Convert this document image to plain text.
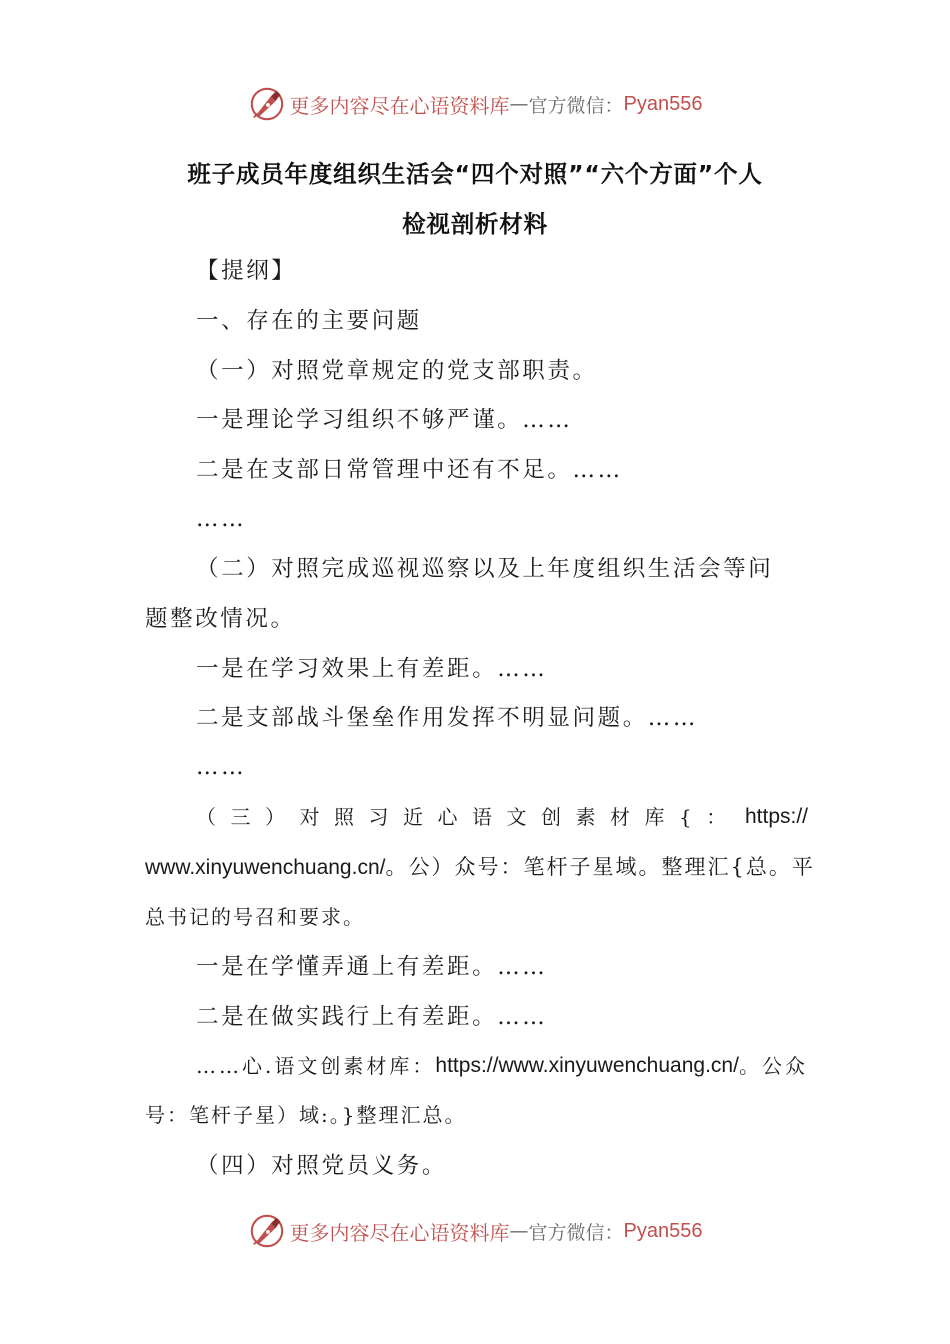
更多内容尽在心语资料库 — 官方微信： Pyan556
班子成员年度组织生活会“四个对照”“六个方面”个人
检视剖析材料
【提纲】
一、存在的主要问题
（一）对照党章规定的党支部职责。
一是理论学习组织不够严谨。……
二是在支部日常管理中还有不足。……
……
（二）对照完成巡视巡察以及上年度组织生活会等问
题整改情况。
一是在学习效果上有差距。……
二是支部战斗堡垒作用发挥不明显问题。……
……
（三）对照习近心语文创素材库{： https://
www.xinyuwenchuang.cn/。公）众号：笔杆子星域。整理汇{总。平
总书记的号召和要求。
一是在学懂弄通上有差距。……
二是在做实践行上有差距。……
……心.语文创素材库： https://www.xinyuwenchuang.cn/ 。公众
号：笔杆子星）域:。}整理汇总。
（四）对照党员义务。
更多内容尽在心语资料库 — 官方微信： Pyan556
